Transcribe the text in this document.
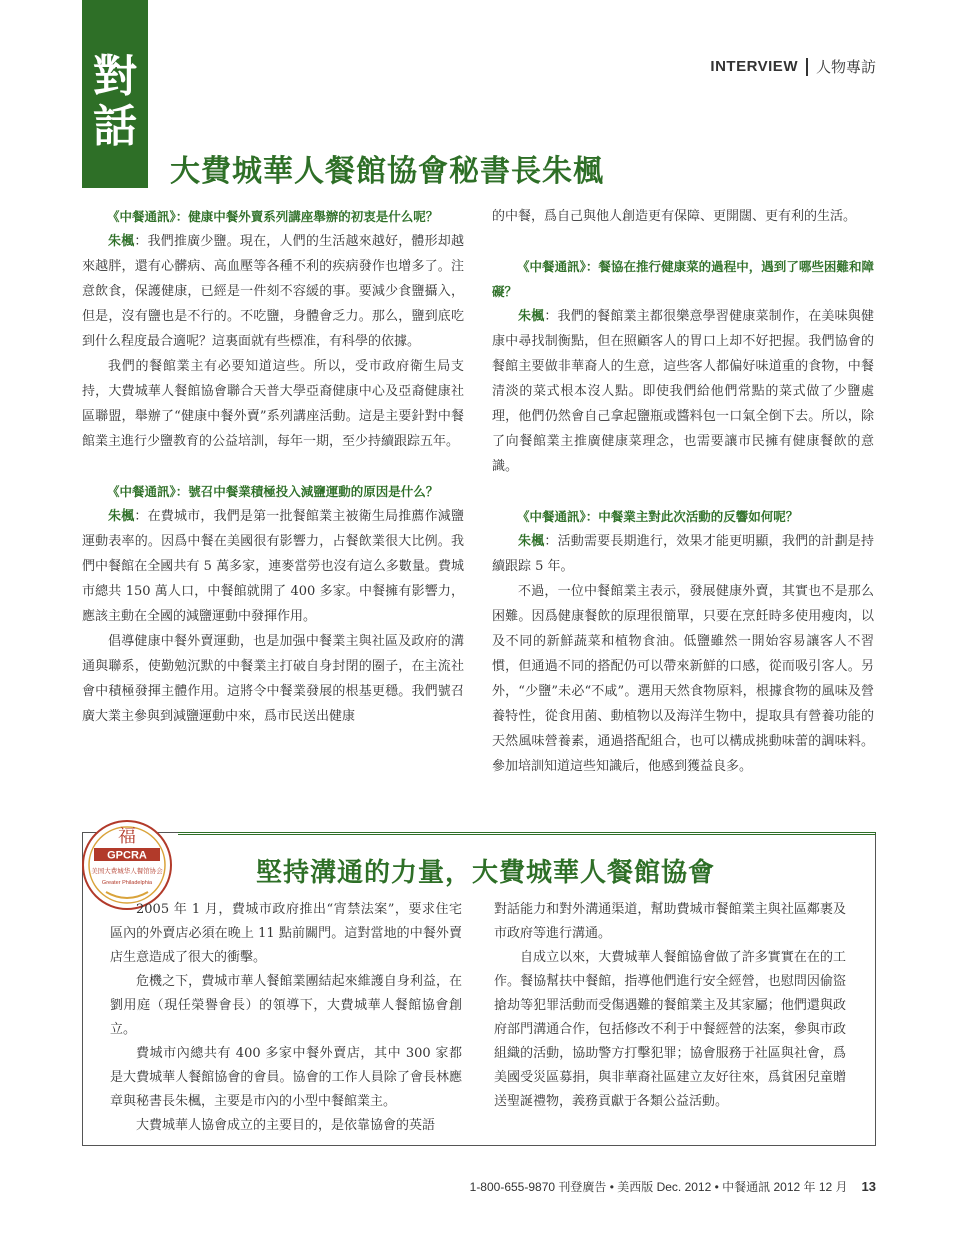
對
話
INTERVIEW 人物專訪
大費城華人餐館協會秘書長朱楓

《中餐通訊》：健康中餐外賣系列講座舉辦的初衷是什么呢？

朱楓：我們推廣少鹽。現在，人們的生活越來越好，體形却越來越胖，還有心髒病、高血壓等各種不利的疾病發作也增多了。注意飲食，保護健康，已經是一件刻不容緩的事。要減少食鹽攝入，但是，沒有鹽也是不行的。不吃鹽，身體會乏力。那么，鹽到底吃到什么程度最合適呢？這裏面就有些標准，有科學的依據。

我們的餐館業主有必要知道這些。所以，受市政府衛生局支持，大費城華人餐館協會聯合天普大學亞裔健康中心及亞裔健康社區聯盟，舉辦了“健康中餐外賣”系列講座活動。這是主要針對中餐館業主進行少鹽教育的公益培訓，每年一期，至少持續跟踪五年。

《中餐通訊》：號召中餐業積極投入減鹽運動的原因是什么？

朱楓：在費城市，我們是第一批餐館業主被衛生局推薦作減鹽運動表率的。因爲中餐在美國很有影響力，占餐飲業很大比例。我們中餐館在全國共有 5 萬多家，連麥當勞也沒有這么多數量。費城市總共 150 萬人口，中餐館就開了 400 多家。中餐擁有影響力，應該主動在全國的減鹽運動中發揮作用。

倡導健康中餐外賣運動，也是加强中餐業主與社區及政府的溝通與聯系，使勤勉沉默的中餐業主打破自身封閉的圈子，在主流社會中積極發揮主體作用。這將令中餐業發展的根基更穩。我們號召廣大業主參與到減鹽運動中來，爲市民送出健康

的中餐，爲自己與他人創造更有保障、更開闊、更有利的生活。

《中餐通訊》：餐協在推行健康菜的過程中，遇到了哪些困難和障礙？

朱楓：我們的餐館業主都很樂意學習健康菜制作，在美味與健康中尋找制衡點，但在照顧客人的胃口上却不好把握。我們協會的餐館主要做非華裔人的生意，這些客人都偏好味道重的食物，中餐清淡的菜式根本沒人點。即使我們給他們常點的菜式做了少鹽處理，他們仍然會自己拿起鹽瓶或醬料包一口氣全倒下去。所以，除了向餐館業主推廣健康菜理念，也需要讓市民擁有健康餐飲的意識。

《中餐通訊》：中餐業主對此次活動的反響如何呢？

朱楓：活動需要長期進行，效果才能更明顯，我們的計劃是持續跟踪 5 年。

不過，一位中餐館業主表示，發展健康外賣，其實也不是那么困難。因爲健康餐飲的原理很簡單，只要在烹飪時多使用瘦肉，以及不同的新鮮蔬菜和植物食油。低鹽雖然一開始容易讓客人不習慣，但通過不同的搭配仍可以帶來新鮮的口感，從而吸引客人。另外，“少鹽”未必“不咸”。選用天然食物原料，根據食物的風味及營養特性，從食用菌、動植物以及海洋生物中，提取具有營養功能的天然風味營養素，通過搭配組合，也可以構成挑動味蕾的調味料。參加培訓知道這些知識后，他感到獲益良多。

福
GPCRA
美国大费城华人餐馆协会
Greater Philadelphia	堅持溝通的力量，大費城華人餐館協會

2005 年 1 月，費城市政府推出“宵禁法案”，要求住宅區內的外賣店必須在晚上 11 點前關門。這對當地的中餐外賣店生意造成了很大的衝擊。

危機之下，費城市華人餐館業團結起來維護自身利益，在劉用庭（現任榮譽會長）的領導下，大費城華人餐館協會創立。

費城市內總共有 400 多家中餐外賣店，其中 300 家都是大費城華人餐館協會的會員。協會的工作人員除了會長林應章與秘書長朱楓，主要是市內的小型中餐館業主。

大費城華人協會成立的主要目的，是依靠協會的英語

對話能力和對外溝通渠道，幫助費城市餐館業主與社區鄰裹及市政府等進行溝通。

自成立以來，大費城華人餐館協會做了許多實實在在的工作。餐協幫扶中餐館，指導他們進行安全經營，也慰問因偷盜搶劫等犯罪活動而受傷遇難的餐館業主及其家屬；他們還與政府部門溝通合作，包括修改不利于中餐經營的法案，參與市政組織的活動，協助警方打擊犯罪；協會服務于社區與社會，爲美國受災區募捐，與非華裔社區建立友好往來，爲貧困兒童贈送聖誕禮物，義務貢獻于各類公益活動。

1-800-655-9870 刊登廣告 • 美西版 Dec. 2012 • 中餐通訊 2012 年 12 月 13
